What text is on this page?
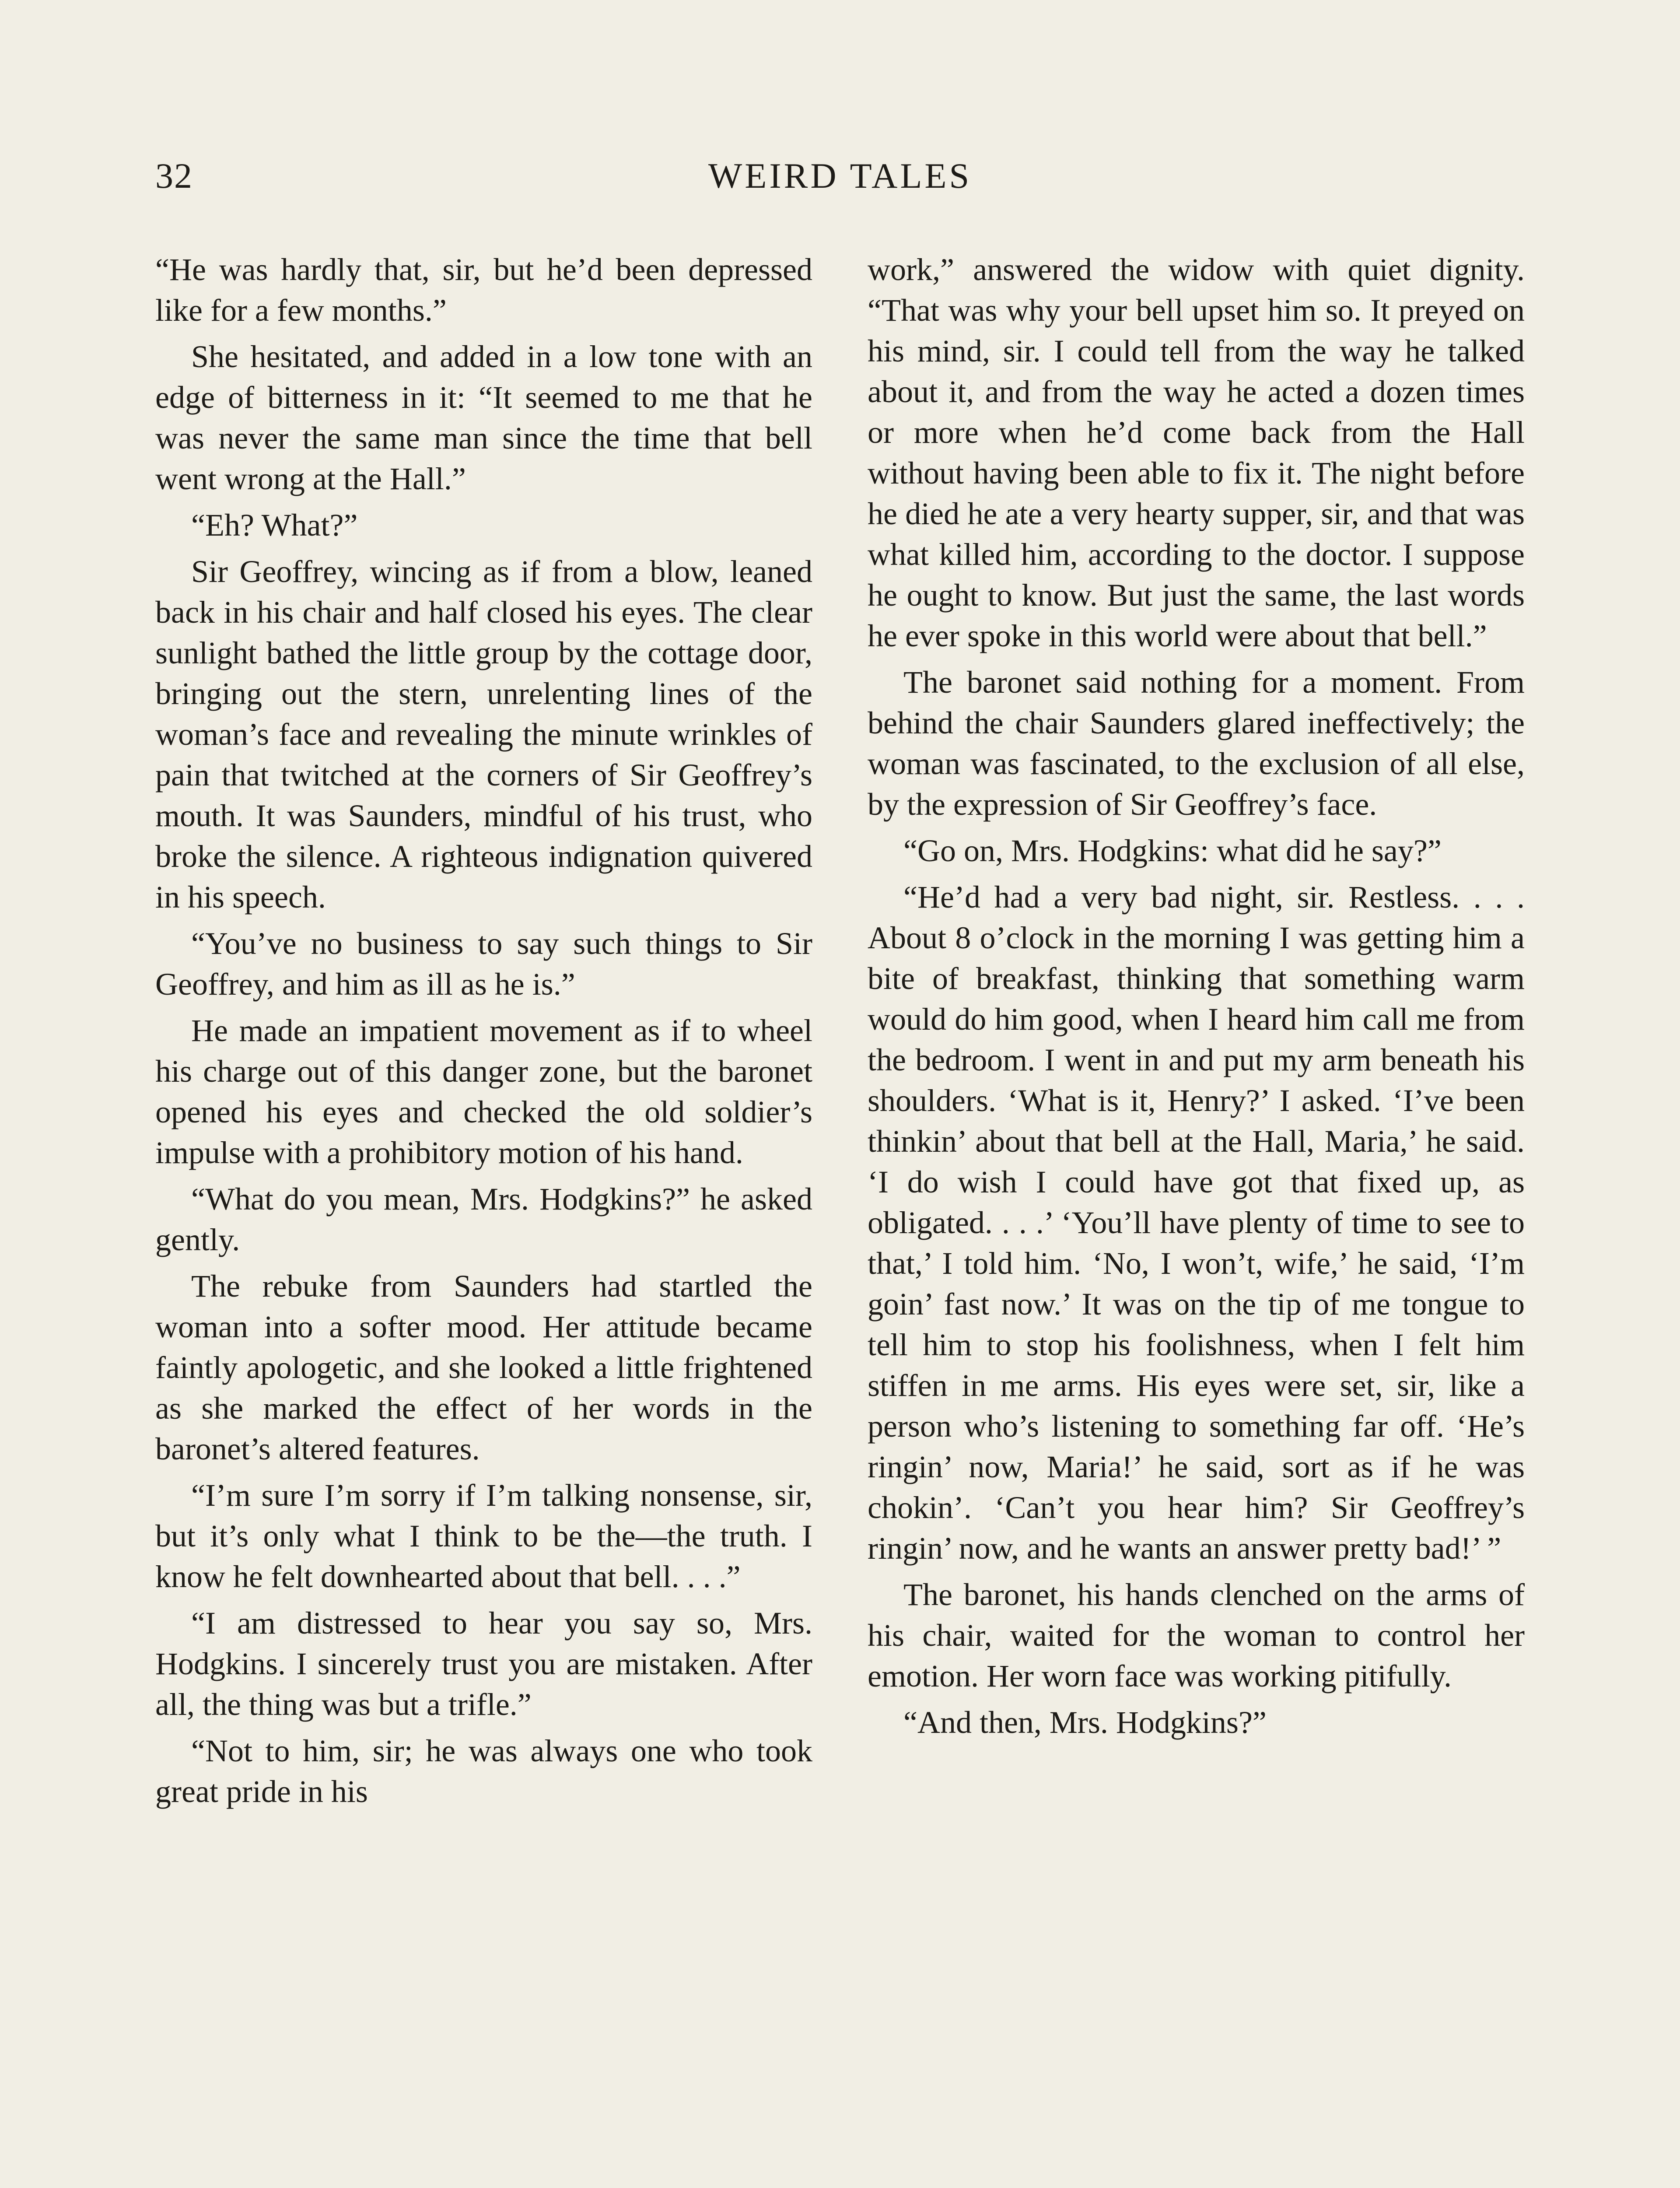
32	WEIRD TALES

“He was hardly that, sir, but he’d been depressed like for a few months.”

She hesitated, and added in a low tone with an edge of bitterness in it: “It seemed to me that he was never the same man since the time that bell went wrong at the Hall.”

“Eh? What?”

Sir Geoffrey, wincing as if from a blow, leaned back in his chair and half closed his eyes. The clear sunlight bathed the little group by the cottage door, bringing out the stern, unrelenting lines of the woman’s face and revealing the minute wrinkles of pain that twitched at the corners of Sir Geoffrey’s mouth. It was Saunders, mindful of his trust, who broke the silence. A righteous indignation quivered in his speech.

“You’ve no business to say such things to Sir Geoffrey, and him as ill as he is.”

He made an impatient movement as if to wheel his charge out of this danger zone, but the baronet opened his eyes and checked the old soldier’s impulse with a prohibitory motion of his hand.

“What do you mean, Mrs. Hodgkins?” he asked gently.

The rebuke from Saunders had startled the woman into a softer mood. Her attitude became faintly apologetic, and she looked a little frightened as she marked the effect of her words in the baronet’s altered features.

“I’m sure I’m sorry if I’m talking nonsense, sir, but it’s only what I think to be the—the truth. I know he felt downhearted about that bell. . . .”

“I am distressed to hear you say so, Mrs. Hodgkins. I sincerely trust you are mistaken. After all, the thing was but a trifle.”

“Not to him, sir; he was always one who took great pride in his

work,” answered the widow with quiet dignity. “That was why your bell upset him so. It preyed on his mind, sir. I could tell from the way he talked about it, and from the way he acted a dozen times or more when he’d come back from the Hall without having been able to fix it. The night before he died he ate a very hearty supper, sir, and that was what killed him, according to the doctor. I suppose he ought to know. But just the same, the last words he ever spoke in this world were about that bell.”

The baronet said nothing for a moment. From behind the chair Saunders glared ineffectively; the woman was fascinated, to the exclusion of all else, by the expression of Sir Geoffrey’s face.

“Go on, Mrs. Hodgkins: what did he say?”

“He’d had a very bad night, sir. Restless. . . . About 8 o’clock in the morning I was getting him a bite of breakfast, thinking that something warm would do him good, when I heard him call me from the bedroom. I went in and put my arm beneath his shoulders. ‘What is it, Henry?’ I asked. ‘I’ve been thinkin’ about that bell at the Hall, Maria,’ he said. ‘I do wish I could have got that fixed up, as obligated. . . .’ ‘You’ll have plenty of time to see to that,’ I told him. ‘No, I won’t, wife,’ he said, ‘I’m goin’ fast now.’ It was on the tip of me tongue to tell him to stop his foolishness, when I felt him stiffen in me arms. His eyes were set, sir, like a person who’s listening to something far off. ‘He’s ringin’ now, Maria!’ he said, sort as if he was chokin’. ‘Can’t you hear him? Sir Geoffrey’s ringin’ now, and he wants an answer pretty bad!’ ”

The baronet, his hands clenched on the arms of his chair, waited for the woman to control her emotion. Her worn face was working pitifully.

“And then, Mrs. Hodgkins?”
